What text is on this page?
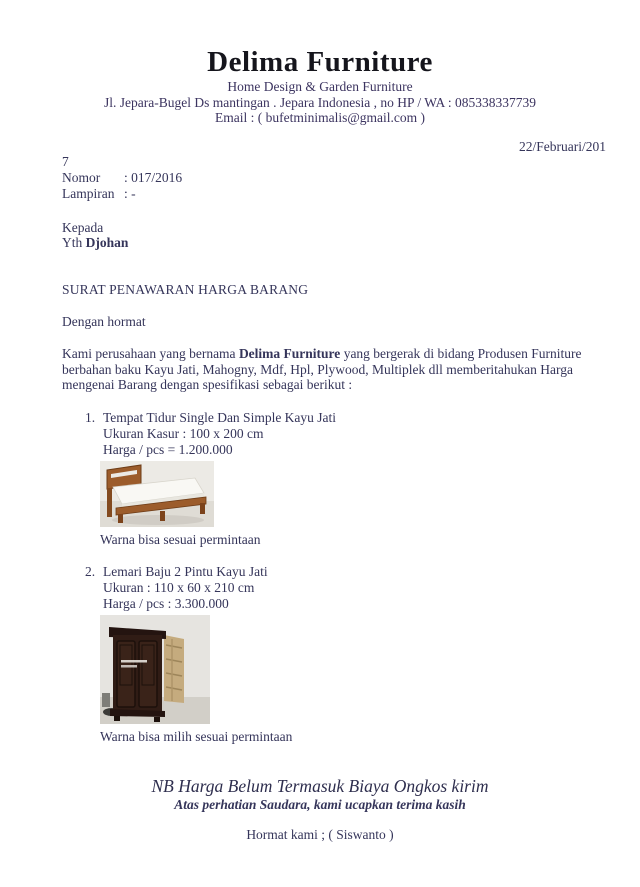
Delima Furniture
Home Design & Garden Furniture
Jl. Jepara-Bugel Ds mantingan . Jepara Indonesia , no HP / WA : 085338337739
Email : ( bufetminimalis@gmail.com )
22/Februari/201
7
Nomor : 017/2016
Lampiran : -
Kepada
Yth Djohan
SURAT PENAWARAN HARGA BARANG
Dengan hormat
Kami perusahaan yang bernama Delima Furniture yang bergerak di bidang Produsen Furniture berbahan baku Kayu Jati, Mahogny, Mdf, Hpl, Plywood, Multiplek dll memberitahukan Harga mengenai Barang dengan spesifikasi sebagai berikut :
1. Tempat Tidur Single Dan Simple Kayu Jati
Ukuran Kasur : 100 x 200 cm
Harga / pcs = 1.200.000
Warna bisa sesuai permintaan
2. Lemari Baju 2 Pintu Kayu Jati
Ukuran : 110 x 60 x 210 cm
Harga / pcs : 3.300.000
Warna bisa milih sesuai permintaan
NB Harga Belum Termasuk Biaya Ongkos kirim
Atas perhatian Saudara, kami ucapkan terima kasih
Hormat kami ; ( Siswanto )
